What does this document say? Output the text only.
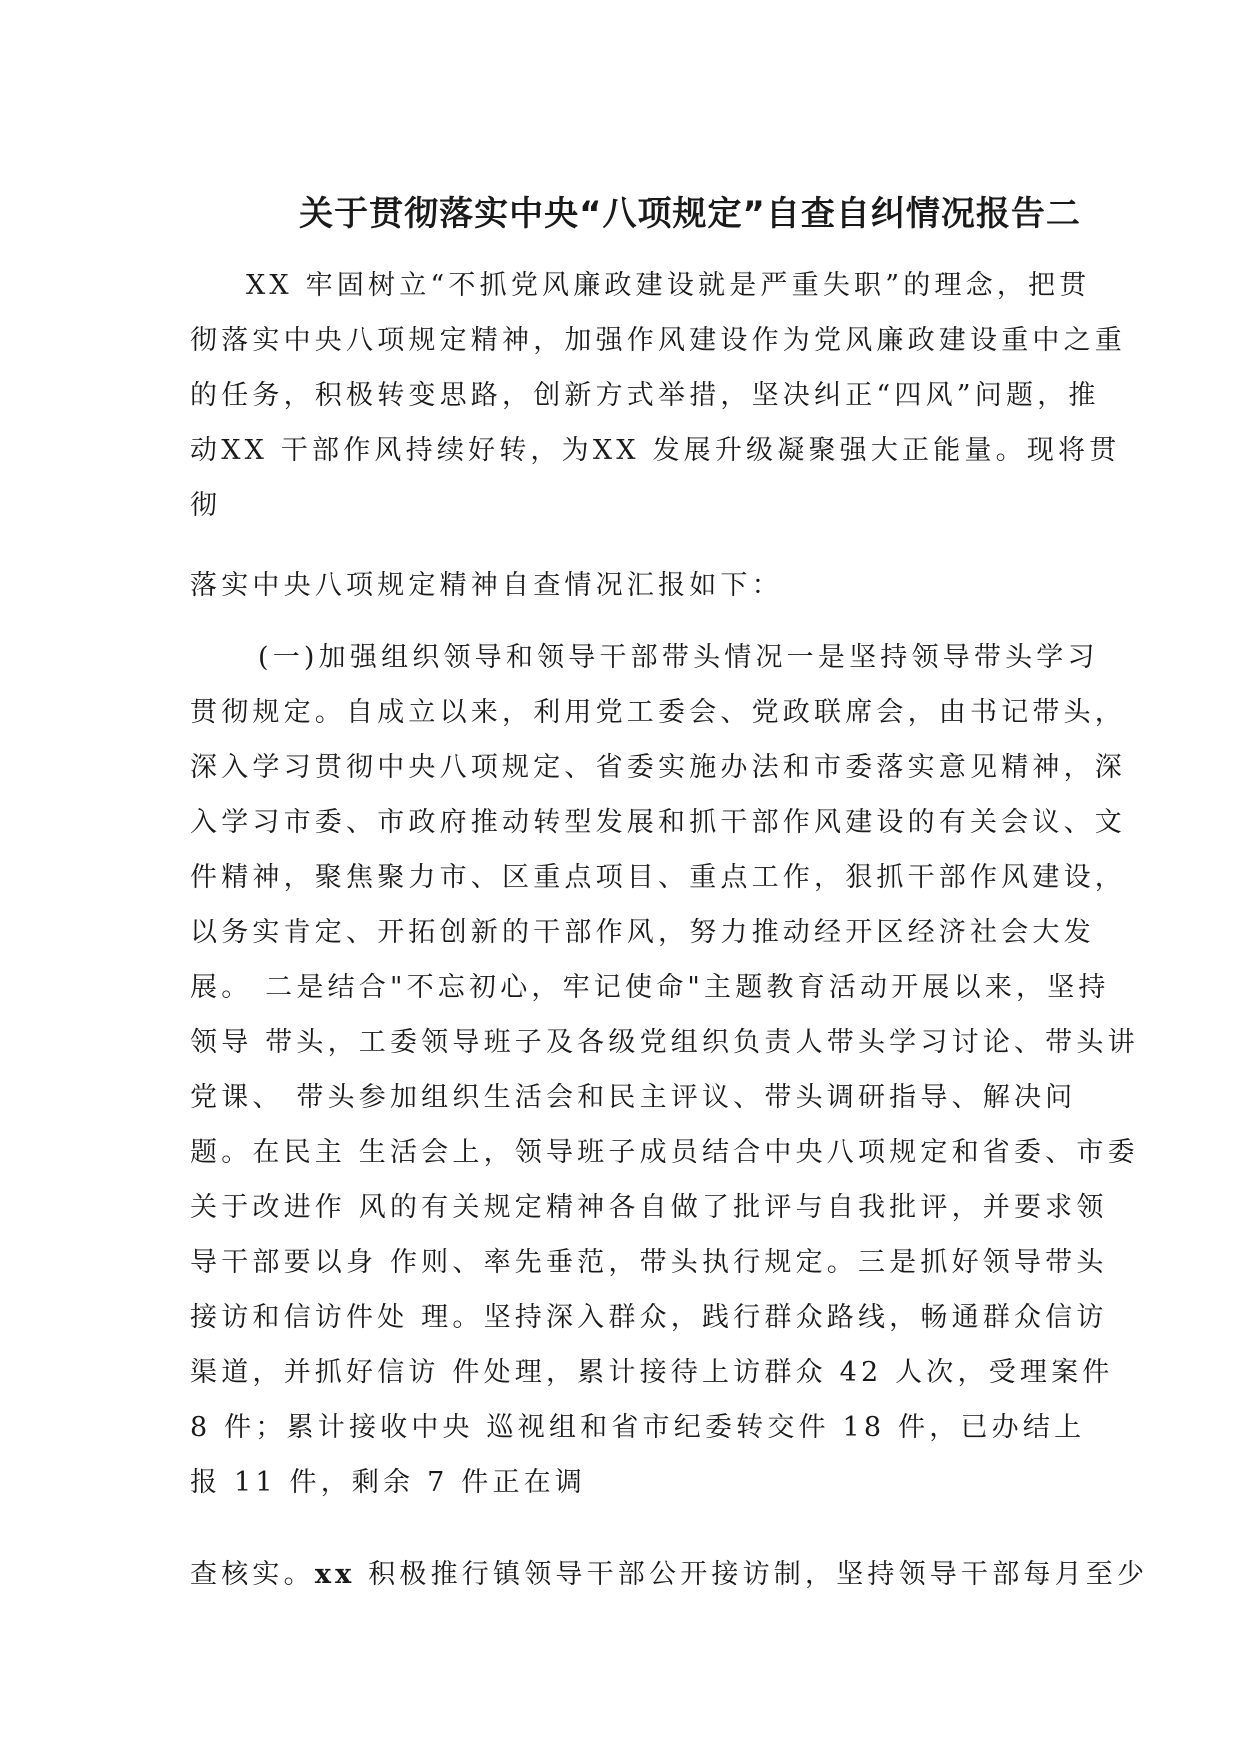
关于贯彻落实中央“八项规定”自查自纠情况报告二
XX 牢固树立“不抓党风廉政建设就是严重失职”的理念，把贯
彻落实中央八项规定精神，加强作风建设作为党风廉政建设重中之重
的任务，积极转变思路，创新方式举措，坚决纠正“四风”问题，推
动XX 干部作风持续好转，为XX 发展升级凝聚强大正能量。现将贯
彻
落实中央八项规定精神自查情况汇报如下：
(一)加强组织领导和领导干部带头情况一是坚持领导带头学习
贯彻规定。自成立以来，利用党工委会、党政联席会，由书记带头，
深入学习贯彻中央八项规定、省委实施办法和市委落实意见精神，深
入学习市委、市政府推动转型发展和抓干部作风建设的有关会议、文
件精神，聚焦聚力市、区重点项目、重点工作，狠抓干部作风建设，
以务实肯定、开拓创新的干部作风，努力推动经开区经济社会大发
展。 二是结合"不忘初心，牢记使命"主题教育活动开展以来，坚持
领导 带头，工委领导班子及各级党组织负责人带头学习讨论、带头讲
党课、 带头参加组织生活会和民主评议、带头调研指导、解决问
题。在民主 生活会上，领导班子成员结合中央八项规定和省委、市委
关于改进作 风的有关规定精神各自做了批评与自我批评，并要求领
导干部要以身 作则、率先垂范，带头执行规定。三是抓好领导带头
接访和信访件处 理。坚持深入群众，践行群众路线，畅通群众信访
渠道，并抓好信访 件处理，累计接待上访群众 42 人次，受理案件
8 件；累计接收中央 巡视组和省市纪委转交件 18 件，已办结上
报 11 件，剩余 7 件正在调
查核实。xx 积极推行镇领导干部公开接访制，坚持领导干部每月至少
